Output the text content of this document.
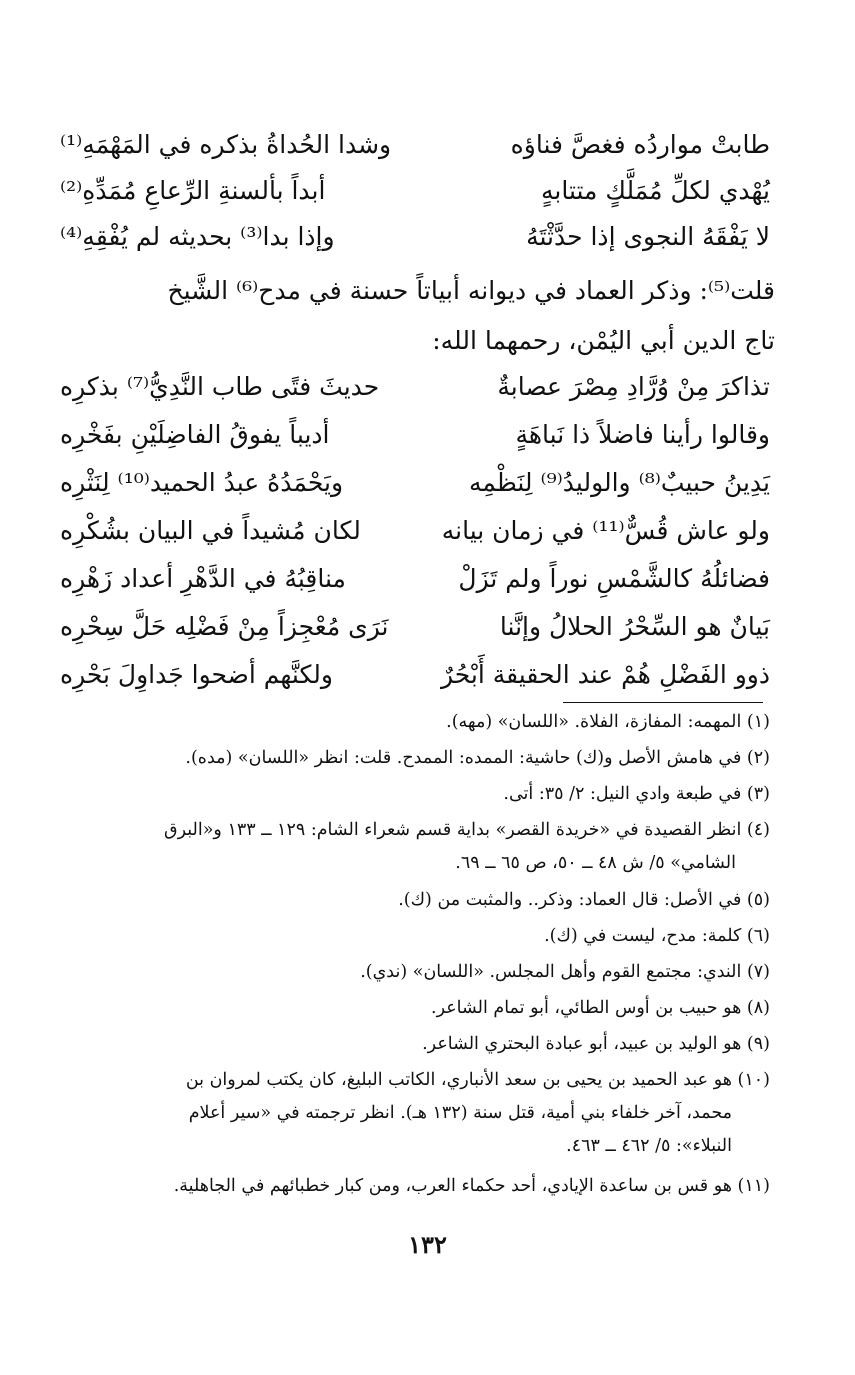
طابتْ مواردُه فغصَّ فناؤه
وشدا الحُداةُ بذكره في المَهْمَهِ⁽¹⁾
يُهْدي لكلِّ مُمَلَّكٍ متتابهٍ
أبداً بألسنةِ الرِّعاعِ مُمَدِّهِ⁽²⁾
لا يَفْقَهُ النجوى إذا حدَّثْتَهُ
وإذا بدا⁽³⁾ بحديثه لم يُفْقِهِ⁽⁴⁾
قلت⁽⁵⁾: وذكر العماد في ديوانه أبياتاً حسنة في مدح⁽⁶⁾ الشَّيخ
تاج الدين أبي اليُمْن، رحمهما الله:
تذاكرَ مِنْ وُرَّادِ مِصْرَ عصابةٌ
حديثَ فتًى طاب النَّدِيُّ⁽⁷⁾ بذكرِه
وقالوا رأينا فاضلاً ذا نَباهَةٍ
أديباً يفوقُ الفاضِلَيْنِ بفَخْرِه
يَدِينُ حبيبٌ⁽⁸⁾ والوليدُ⁽⁹⁾ لِنَظْمِه
ويَحْمَدُهُ عبدُ الحميد⁽¹⁰⁾ لِنَثْرِه
ولو عاش قُسٌّ⁽¹¹⁾ في زمان بيانه
لكان مُشيداً في البيان بشُكْرِه
فضائلُهُ كالشَّمْسِ نوراً ولم تَزَلْ
مناقِبُهُ في الدَّهْرِ أعداد زَهْرِه
بَيانٌ هو السِّحْرُ الحلالُ وإنَّنا
نَرَى مُعْجِزاً مِنْ فَضْلِه حَلَّ سِحْرِه
ذوو الفَضْلِ هُمْ عند الحقيقة أَبْحُرٌ
ولكنَّهم أضحوا جَداوِلَ بَحْرِه
(١) المهمه: المفازة، الفلاة. «اللسان» (مهه).
(٢) في هامش الأصل و(ك) حاشية: الممده: الممدح. قلت: انظر «اللسان» (مده).
(٣) في طبعة وادي النيل: ٢/ ٣٥: أتى.
(٤) انظر القصيدة في «خريدة القصر» بداية قسم شعراء الشام: ١٢٩ ــ ١٣٣ و«البرق
الشامي» ٥/ ش ٤٨ ــ ٥٠، ص ٦٥ ــ ٦٩.
(٥) في الأصل: قال العماد: وذكر.. والمثبت من (ك).
(٦) كلمة: مدح، ليست في (ك).
(٧) الندي: مجتمع القوم وأهل المجلس. «اللسان» (ندي).
(٨) هو حبيب بن أوس الطائي، أبو تمام الشاعر.
(٩) هو الوليد بن عبيد، أبو عبادة البحتري الشاعر.
(١٠) هو عبد الحميد بن يحيى بن سعد الأنباري، الكاتب البليغ، كان يكتب لمروان بن
محمد، آخر خلفاء بني أمية، قتل سنة (١٣٢ هـ). انظر ترجمته في «سير أعلام
النبلاء»: ٥/ ٤٦٢ ــ ٤٦٣.
(١١) هو قس بن ساعدة الإيادي، أحد حكماء العرب، ومن كبار خطبائهم في الجاهلية.
١٣٢
